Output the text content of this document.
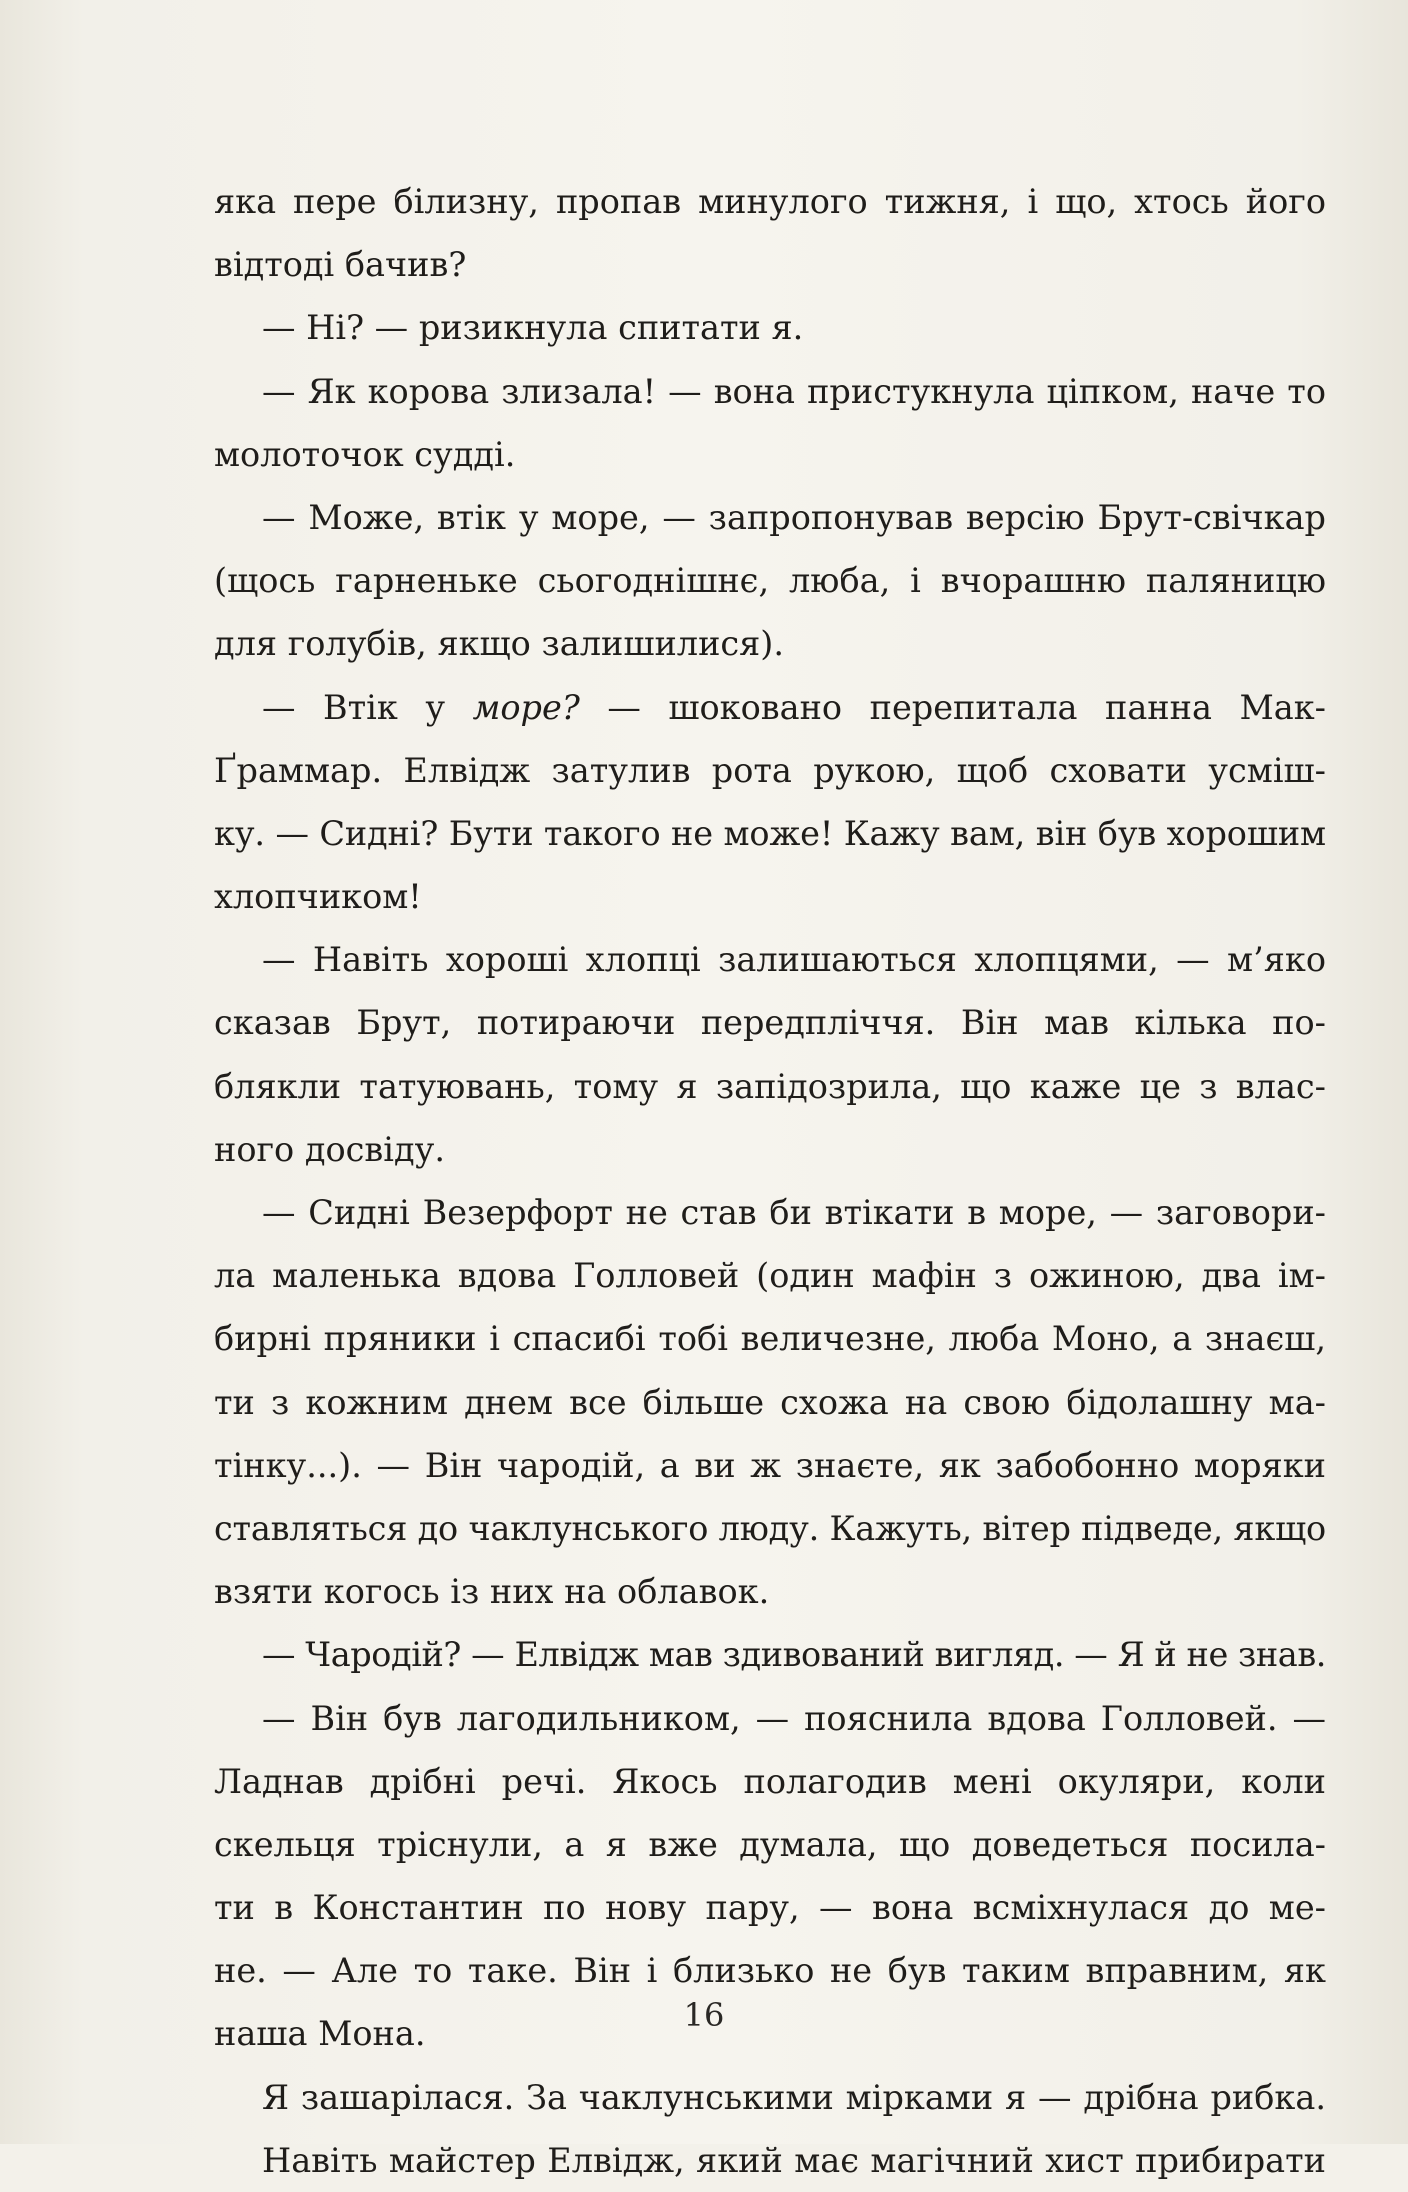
яка пере білизну, пропав минулого тижня, і що, хтось його
відтоді бачив?
— Ні? — ризикнула спитати я.
— Як корова злизала! — вона пристукнула ціпком, наче то
молоточок судді.
— Може, втік у море, — запропонував версію Брут-свічкар
(щось гарненьке сьогоднішнє, люба, і вчорашню паляницю
для голубів, якщо залишилися).
— Втік у море? — шоковано перепитала панна Мак-
Ґраммар. Елвідж затулив рота рукою, щоб сховати усміш-
ку. — Сидні? Бути такого не може! Кажу вам, він був хорошим
хлопчиком!
— Навіть хороші хлопці залишаються хлопцями, — м’яко
сказав Брут, потираючи передпліччя. Він мав кілька по-
блякли татуювань, тому я запідозрила, що каже це з влас-
ного досвіду.
— Сидні Везерфорт не став би втікати в море, — заговори-
ла маленька вдова Голловей (один мафін з ожиною, два ім-
бирні пряники і спасибі тобі величезне, люба Моно, а знаєш,
ти з кожним днем все більше схожа на свою бідолашну ма-
тінку...). — Він чародій, а ви ж знаєте, як забобонно моряки
ставляться до чаклунського люду. Кажуть, вітер підведе, якщо
взяти когось із них на облавок.
— Чародій? — Елвідж мав здивований вигляд. — Я й не знав.
— Він був лагодильником, — пояснила вдова Голловей. —
Ладнав дрібні речі. Якось полагодив мені окуляри, коли
скельця тріснули, а я вже думала, що доведеться посила-
ти в Константин по нову пару, — вона всміхнулася до ме-
не. — Але то таке. Він і близько не був таким вправним, як
наша Мона.
Я зашарілася. За чаклунськими мірками я — дрібна рибка.
Навіть майстер Елвідж, який має магічний хист прибирати
16
